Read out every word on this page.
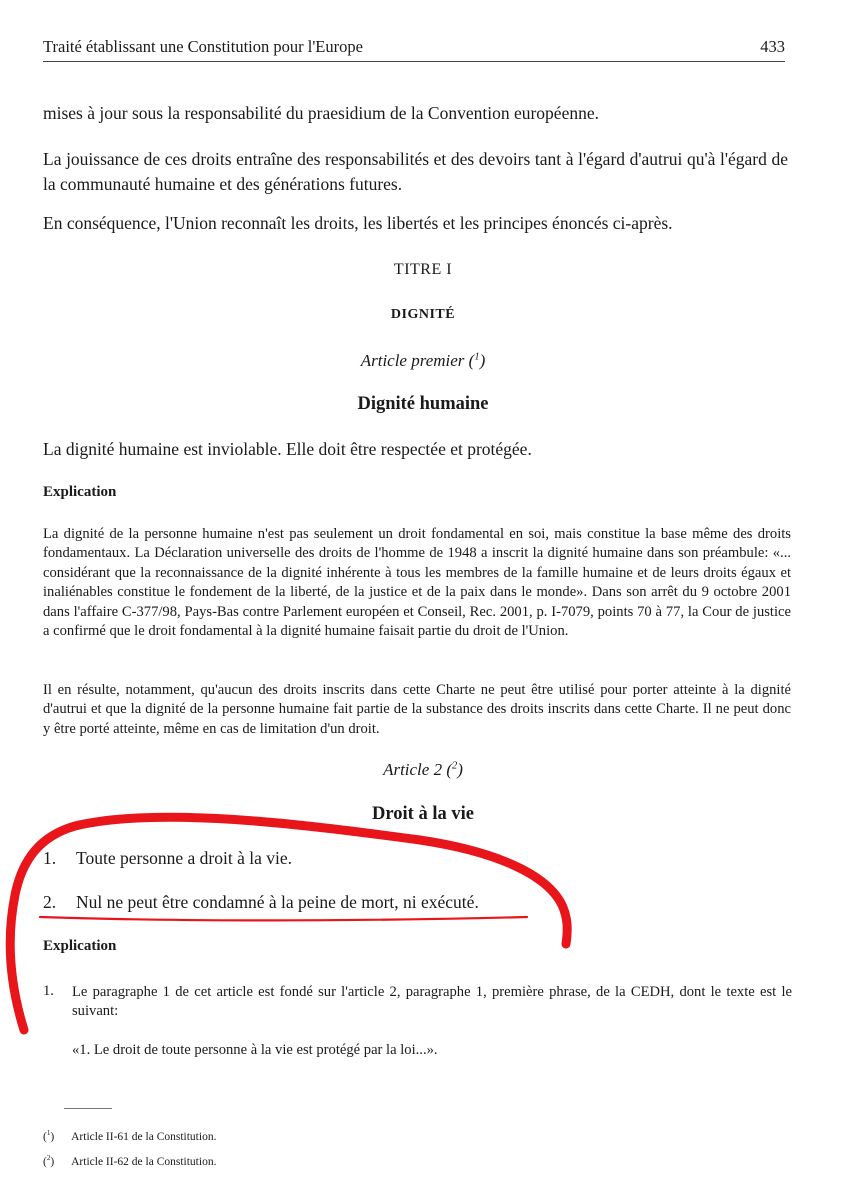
Traité établissant une Constitution pour l'Europe	433
mises à jour sous la responsabilité du praesidium de la Convention européenne.
La jouissance de ces droits entraîne des responsabilités et des devoirs tant à l'égard d'autrui qu'à l'égard de la communauté humaine et des générations futures.
En conséquence, l'Union reconnaît les droits, les libertés et les principes énoncés ci-après.
TITRE I
DIGNITÉ
Article premier ($^1$)
Dignité humaine
La dignité humaine est inviolable. Elle doit être respectée et protégée.
Explication
La dignité de la personne humaine n'est pas seulement un droit fondamental en soi, mais constitue la base même des droits fondamentaux. La Déclaration universelle des droits de l'homme de 1948 a inscrit la dignité humaine dans son préambule: «... considérant que la reconnaissance de la dignité inhérente à tous les membres de la famille humaine et de leurs droits égaux et inaliénables constitue le fondement de la liberté, de la justice et de la paix dans le monde». Dans son arrêt du 9 octobre 2001 dans l'affaire C-377/98, Pays-Bas contre Parlement européen et Conseil, Rec. 2001, p. I-7079, points 70 à 77, la Cour de justice a confirmé que le droit fondamental à la dignité humaine faisait partie du droit de l'Union.
Il en résulte, notamment, qu'aucun des droits inscrits dans cette Charte ne peut être utilisé pour porter atteinte à la dignité d'autrui et que la dignité de la personne humaine fait partie de la substance des droits inscrits dans cette Charte. Il ne peut donc y être porté atteinte, même en cas de limitation d'un droit.
Article 2 ($^2$)
Droit à la vie
1. Toute personne a droit à la vie.
2. Nul ne peut être condamné à la peine de mort, ni exécuté.
Explication
1. Le paragraphe 1 de cet article est fondé sur l'article 2, paragraphe 1, première phrase, de la CEDH, dont le texte est le suivant:
«1. Le droit de toute personne à la vie est protégé par la loi...».
($^1$) Article II-61 de la Constitution.
($^2$) Article II-62 de la Constitution.
